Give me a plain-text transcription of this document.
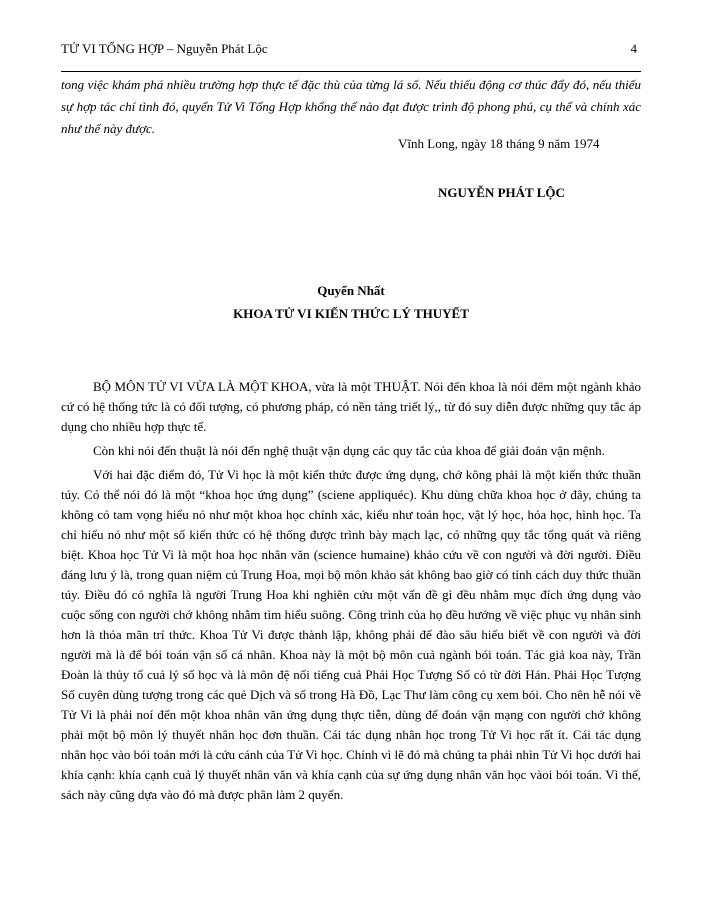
TỬ VI TỔNG HỢP – Nguyễn Phát Lộc	4
tong việc khám phá nhiều trường hợp thực tế đặc thù của từng lá số. Nếu thiếu động cơ thúc đẩy đó, nếu thiếu sự hợp tác chí tình đó, quyển Tử Vi Tổng Hợp khổng thể nào đạt được trình độ phong phú, cụ thể và chính xác như thế này được.
Vĩnh Long, ngày 18 tháng 9 năm 1974
NGUYỄN PHÁT LỘC
Quyển Nhất
KHOA TỬ VI KIẾN THỨC LÝ THUYẾT

BỘ MÔN TỬ VI VỪA LÀ MỘT KHOA, vừa là một THUẬT. Nói đến khoa là nói đêm một ngành khảo cứ có hệ thống tức là có đối tượng, có phương pháp, có nền tảng triết lý,, từ đó suy diễn được những quy tắc áp dụng cho nhiều hợp thực tế.

Còn khi nói đến thuật là nói đến nghệ thuật vận dụng các quy tắc của khoa để giải đoán vận mệnh.

Với hai đặc điểm đó, Tử Vi học là một kiến thức được ứng dụng, chớ kông phải là một kiến thức thuần túy. Có thể nói đó là một “khoa học ứng dụng” (sciene appliquéc). Khu dùng chữa khoa học ở đây, chúng ta không có tam vọng hiểu nó như một khoa học chính xác, kiểu như toán học, vật lý học, hóa học, hình học. Ta chỉ hiểu nó như một số kiến thức có hệ thống được trình bày mạch lạc, có những quy tắc tổng quát và riêng biệt. Khoa học Tử Vi là một hoa học nhân văn (science humaine) khảo cứu về con người và đời người. Điều đáng lưu ý là, trong quan niệm củ Trung Hoa, mọi bộ môn khảo sát không bao giờ có tính cách duy thức thuần túy. Điều đó có nghĩa là người Trung Hoa khi nghiên cứu một vấn đề gì đều nhằm mục đích ứng dụng vào cuộc sống con người chớ không nhằm tìm hiểu suông. Công trình của họ đều hướng về việc phục vụ nhân sinh hơn là thỏa mãn trí thức. Khoa Tử Vi được thành lập, không phải để đào sâu hiểu biết về con người và đời người mà là để bói toán vận số cá nhân. Khoa này là một bộ môn cuả ngành bói toán. Tác giả koa này, Trần Đoàn là thủy tổ cuả lý số học và là môn đệ nổi tiếng cuả Phái Học Tượng Số có từ đời Hán. Phái Học Tượng Số cuyên dùng tượng trong các quẻ Dịch và số trong Hà Đồ, Lạc Thư làm công cụ xem bói. Cho nên hễ nói về Tử Vi là phải noí đến một khoa nhân văn ứng dụng thực tiễn, dùng để đoán vận mạng con người chớ không phải một bộ môn lý thuyết nhân học đơn thuần. Cái tác dụng nhân học trong Tử Vi học rất ít. Cái tác dụng nhân học vào bói toán mới là cứu cánh của Tử Vi học. Chính vì lẽ đó mà chúng ta phải nhìn Tử Vi học dưới hai khía cạnh: khía cạnh cuả lý thuyết nhân văn và khía cạnh của sự ứng dụng nhân văn học vàoi bói toán. Vì thế, sách này cũng dựa vào đó mà được phân làm 2 quyển.
